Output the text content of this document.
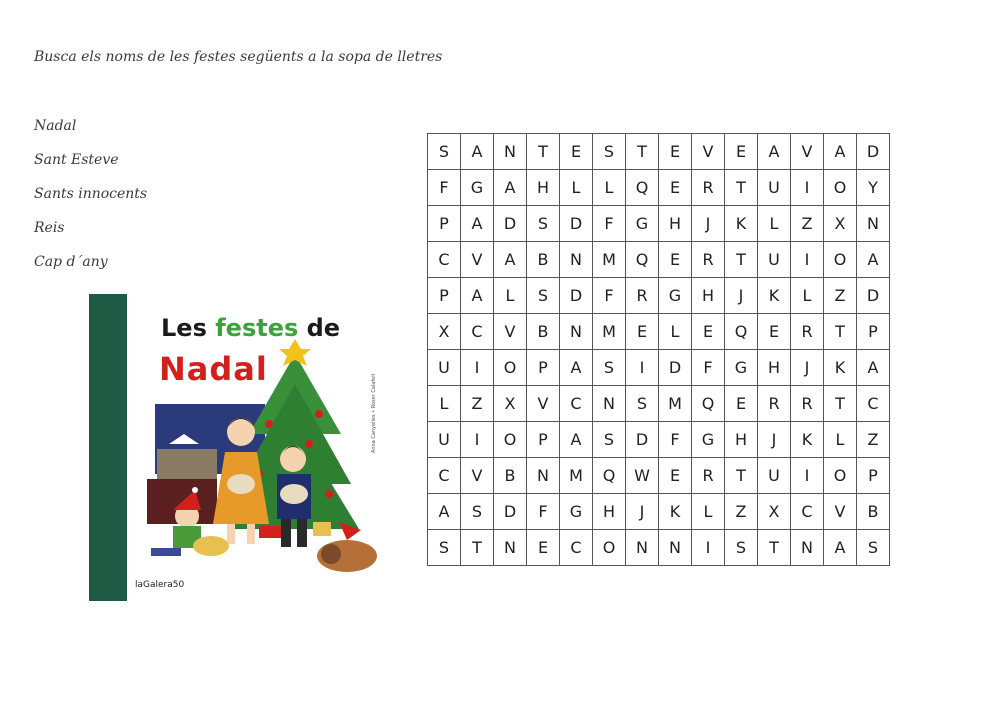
Busca els noms de les festes següents a la sopa de lletres
Nadal
Sant Esteve
Sants innocents
Reis
Cap d´any
S	A	N	T	E	S	T	E	V	E	A	V	A	D
F	G	A	H	L	L	Q	E	R	T	U	I	O	Y
P	A	D	S	D	F	G	H	J	K	L	Z	X	N
C	V	A	B	N	M	Q	E	R	T	U	I	O	A
P	A	L	S	D	F	R	G	H	J	K	L	Z	D
X	C	V	B	N	M	E	L	E	Q	E	R	T	P
U	I	O	P	A	S	I	D	F	G	H	J	K	A
L	Z	X	V	C	N	S	M	Q	E	R	R	T	C
U	I	O	P	A	S	D	F	G	H	J	K	L	Z
C	V	B	N	M	Q	W	E	R	T	U	I	O	P
A	S	D	F	G	H	J	K	L	Z	X	C	V	B
S	T	N	E	C	O	N	N	I	S	T	N	A	S
Les festes de
Nadal
Anna Canyelles • Roser Calafell
laGalera50
